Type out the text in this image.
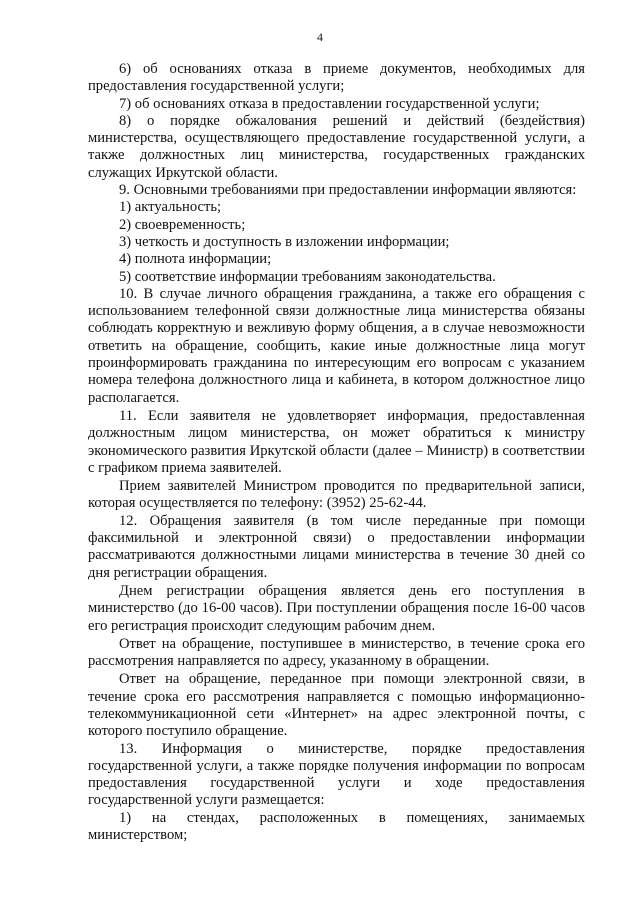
4

6) об основаниях отказа в приеме документов, необходимых для предоставления государственной услуги;

7) об основаниях отказа в предоставлении государственной услуги;

8) о порядке обжалования решений и действий (бездействия) министерства, осуществляющего предоставление государственной услуги, а также должностных лиц министерства, государственных гражданских служащих Иркутской области.

9. Основными требованиями при предоставлении информации являются:

1) актуальность;

2) своевременность;

3) четкость и доступность в изложении информации;

4) полнота информации;

5) соответствие информации требованиям законодательства.

10. В случае личного обращения гражданина, а также его обращения с использованием телефонной связи должностные лица министерства обязаны соблюдать корректную и вежливую форму общения, а в случае невозможности ответить на обращение, сообщить, какие иные должностные лица могут проинформировать гражданина по интересующим его вопросам с указанием номера телефона должностного лица и кабинета, в котором должностное лицо располагается.

11. Если заявителя не удовлетворяет информация, предоставленная должностным лицом министерства, он может обратиться к министру экономического развития Иркутской области (далее – Министр) в соответствии с графиком приема заявителей.

Прием заявителей Министром проводится по предварительной записи, которая осуществляется по телефону: (3952) 25-62-44.

12. Обращения заявителя (в том числе переданные при помощи факсимильной и электронной связи) о предоставлении информации рассматриваются должностными лицами министерства в течение 30 дней со дня регистрации обращения.

Днем регистрации обращения является день его поступления в министерство (до 16-00 часов). При поступлении обращения после 16-00 часов его регистрация происходит следующим рабочим днем.

Ответ на обращение, поступившее в министерство, в течение срока его рассмотрения направляется по адресу, указанному в обращении.

Ответ на обращение, переданное при помощи электронной связи, в течение срока его рассмотрения направляется с помощью информационно-телекоммуникационной сети «Интернет» на адрес электронной почты, с которого поступило обращение.

13. Информация о министерстве, порядке предоставления государственной услуги, а также порядке получения информации по вопросам предоставления государственной услуги и ходе предоставления государственной услуги размещается:

1) на стендах, расположенных в помещениях, занимаемых министерством;
